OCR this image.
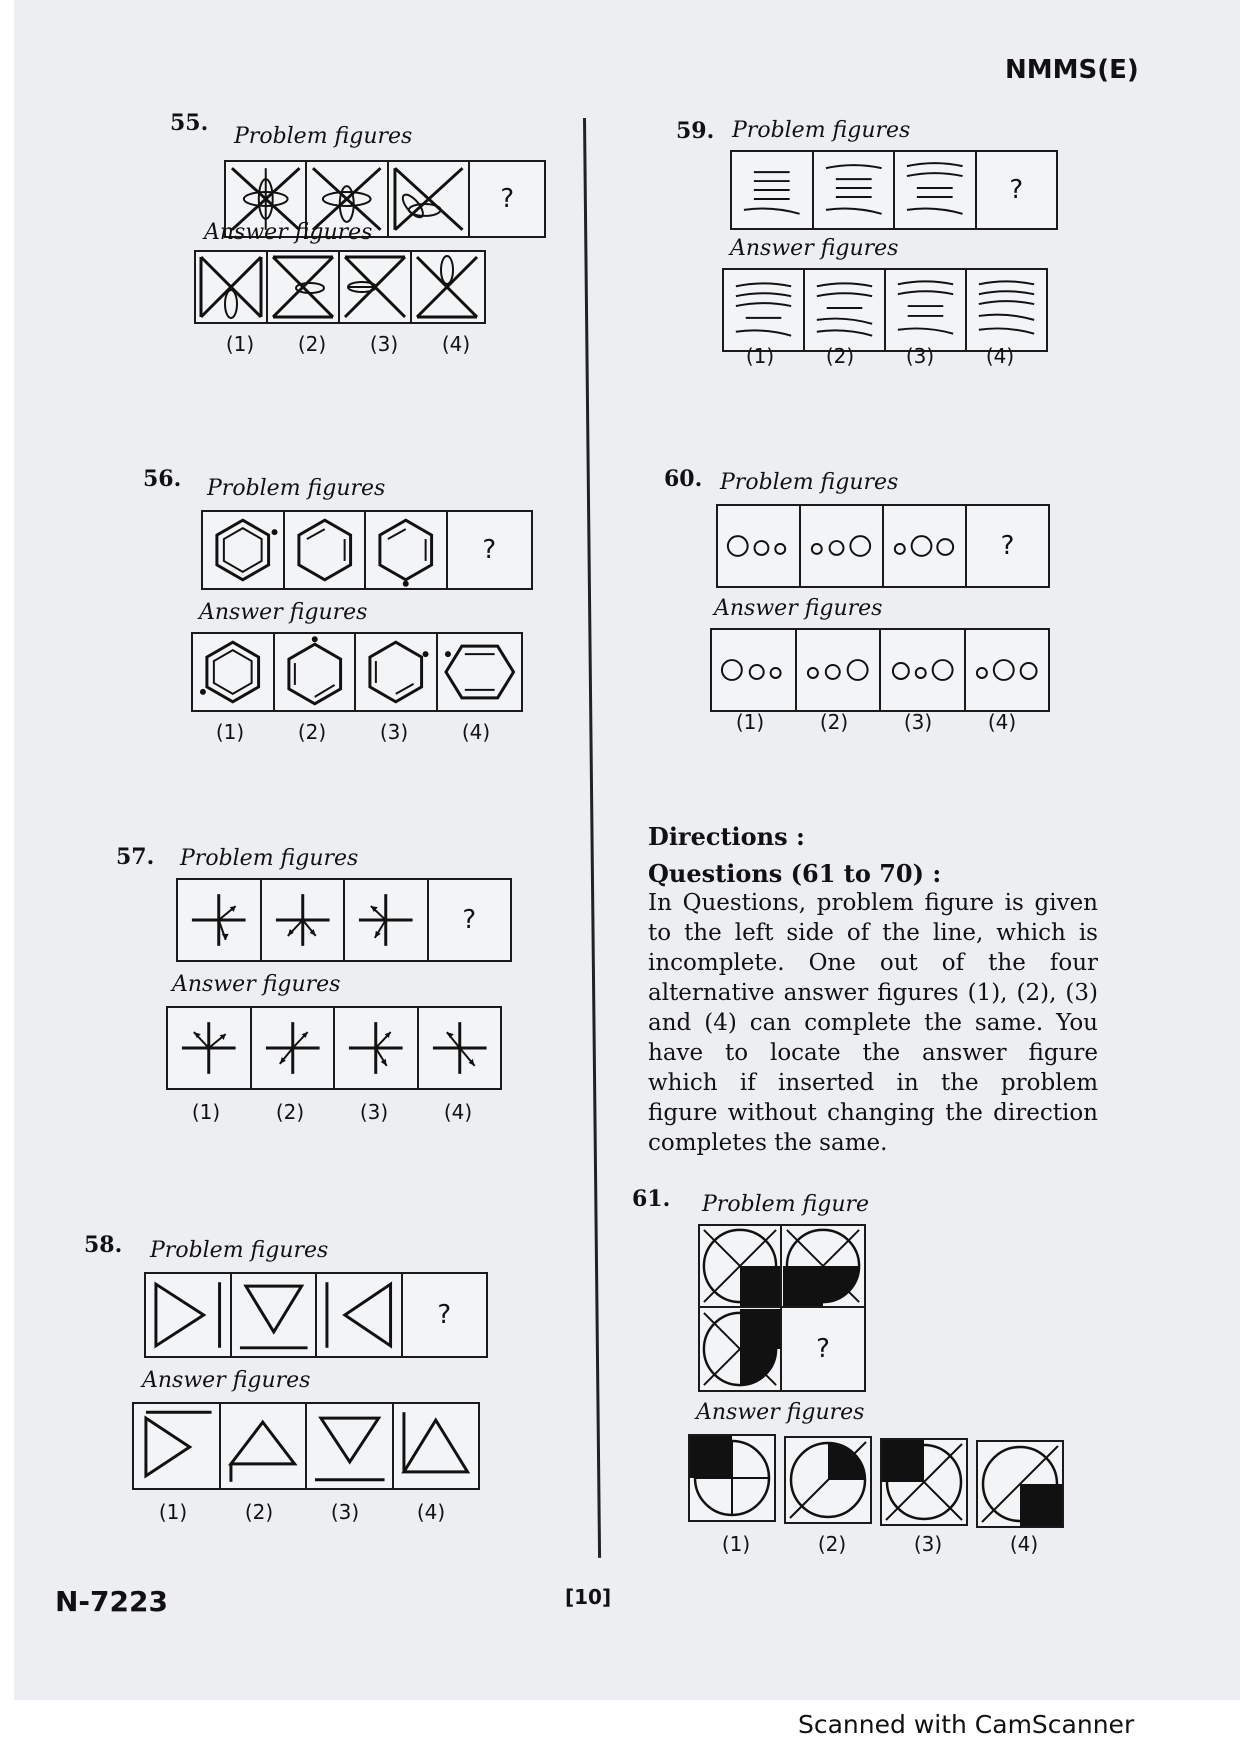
Scanned with CamScanner
NMMS(E)
N-7223	[10]
55.
Problem figures
?
Answer figures
(1)	(2)	(3)	(4)
56. Problem figures
?
Answer figures
(1)	(2)	(3)	(4)
57. Problem figures
?
Answer figures
(1)	(2)	(3)	(4)
58. Problem figures
?
Answer figures
(1)	(2)	(3)	(4)
59. Problem figures
?
Answer figures
(1)	(2)	(3)	(4)
60. Problem figures
?
Answer figures
(1)	(2)	(3)	(4)
Directions :
Questions (61 to 70) :
In Questions, problem figure is given to the left side of the line, which is incomplete. One out of the four alternative answer figures (1), (2), (3) and (4) can complete the same. You have to locate the answer figure which if inserted in the problem figure without changing the direction completes the same.
61. Problem figure
?
Answer figures
(1)	(2)	(3)	(4)
